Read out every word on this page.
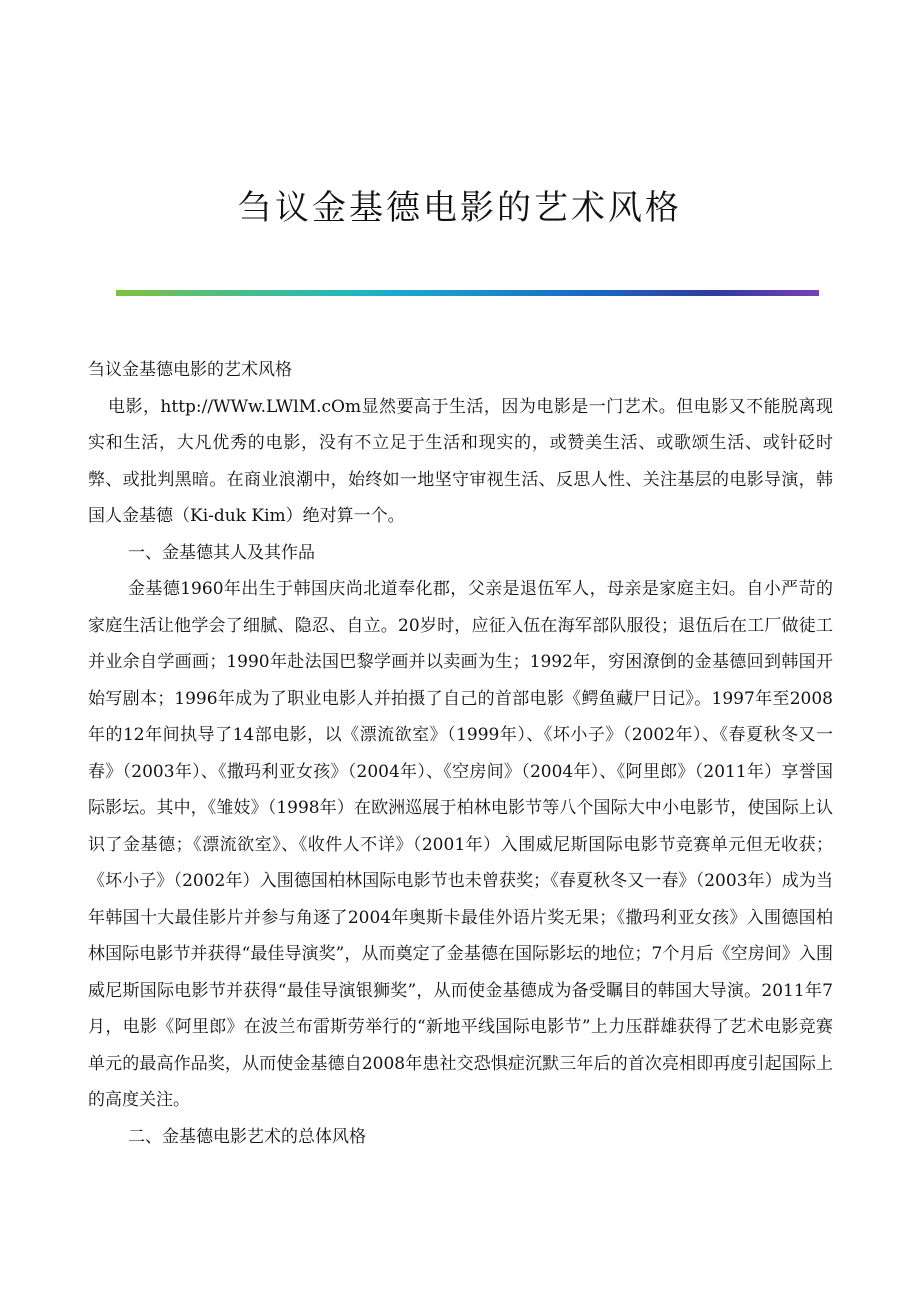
刍议金基德电影的艺术风格

刍议金基德电影的艺术风格

电影，http://WWw.LWlM.cOm显然要高于生活，因为电影是一门艺术。但电影又不能脱离现实和生活，大凡优秀的电影，没有不立足于生活和现实的，或赞美生活、或歌颂生活、或针砭时弊、或批判黑暗。在商业浪潮中，始终如一地坚守审视生活、反思人性、关注基层的电影导演，韩国人金基德（Ki-duk Kim）绝对算一个。

一、金基德其人及其作品

金基德1960年出生于韩国庆尚北道奉化郡，父亲是退伍军人，母亲是家庭主妇。自小严苛的家庭生活让他学会了细腻、隐忍、自立。20岁时，应征入伍在海军部队服役；退伍后在工厂做徒工并业余自学画画；1990年赴法国巴黎学画并以卖画为生；1992年，穷困潦倒的金基德回到韩国开始写剧本；1996年成为了职业电影人并拍摄了自己的首部电影《鳄鱼藏尸日记》。1997年至2008年的12年间执导了14部电影，以《漂流欲室》（1999年）、《坏小子》（2002年）、《春夏秋冬又一春》（2003年）、《撒玛利亚女孩》（2004年）、《空房间》（2004年）、《阿里郎》（2011年）享誉国际影坛。其中，《雏妓》（1998年）在欧洲巡展于柏林电影节等八个国际大中小电影节，使国际上认识了金基德；《漂流欲室》、《收件人不详》（2001年）入围威尼斯国际电影节竞赛单元但无收获；《坏小子》（2002年）入围德国柏林国际电影节也未曾获奖；《春夏秋冬又一春》（2003年）成为当年韩国十大最佳影片并参与角逐了2004年奥斯卡最佳外语片奖无果；《撒玛利亚女孩》入围德国柏林国际电影节并获得“最佳导演奖”，从而奠定了金基德在国际影坛的地位；7个月后《空房间》入围威尼斯国际电影节并获得“最佳导演银狮奖”，从而使金基德成为备受瞩目的韩国大导演。2011年7月，电影《阿里郎》在波兰布雷斯劳举行的“新地平线国际电影节”上力压群雄获得了艺术电影竞赛单元的最高作品奖，从而使金基德自2008年患社交恐惧症沉默三年后的首次亮相即再度引起国际上的高度关注。

二、金基德电影艺术的总体风格
